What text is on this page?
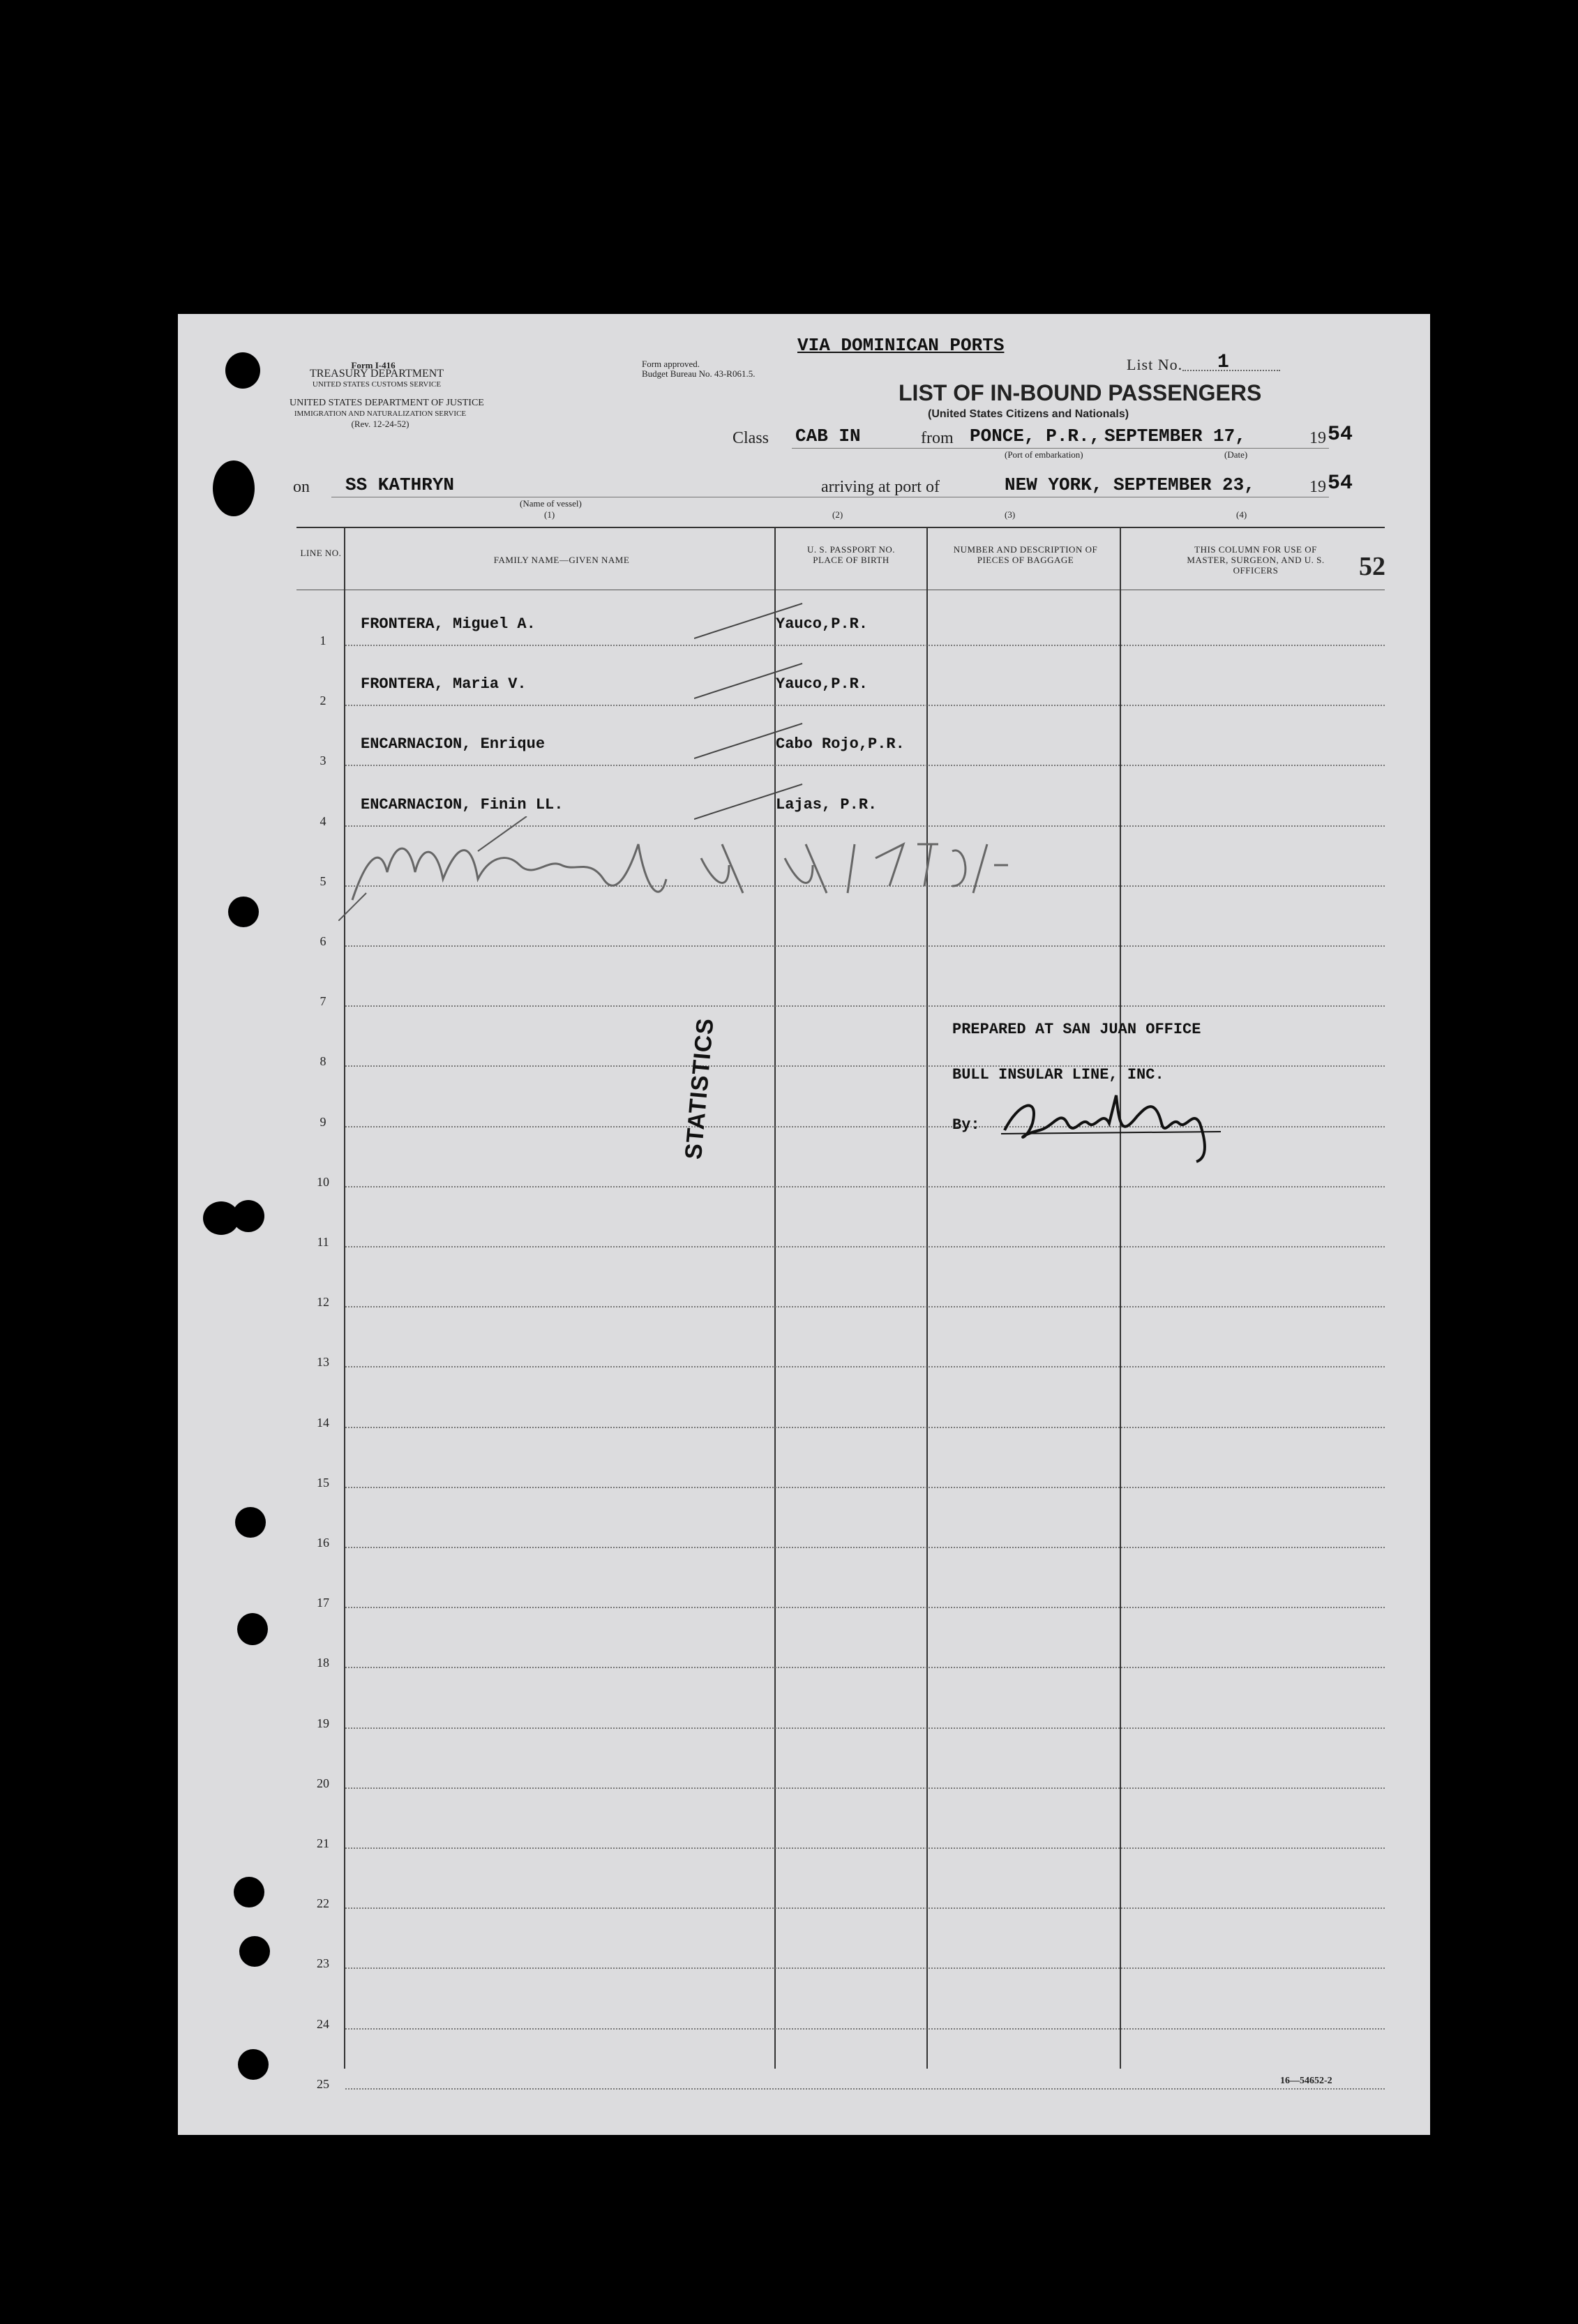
VIA DOMINICAN PORTS
Form I-416
TREASURY DEPARTMENT
UNITED STATES CUSTOMS SERVICE
UNITED STATES DEPARTMENT OF JUSTICE
IMMIGRATION AND NATURALIZATION SERVICE
(Rev. 12-24-52)
Form approved.
Budget Bureau No. 43-R061.5.
List No. 1
LIST OF IN-BOUND PASSENGERS
(United States Citizens and Nationals)
Class CAB IN	from PONCE, P.R., SEPTEMBER 17,	19 54
(Port of embarkation)	(Date)
on SS KATHRYN	arriving at port of	NEW YORK, SEPTEMBER 23,	19 54
(Name of vessel)
(1)	(2)	(3)	(4)
LINE NO.
FAMILY NAME—GIVEN NAME
U. S. PASSPORT NO. PLACE OF BIRTH
NUMBER AND DESCRIPTION OF PIECES OF BAGGAGE
THIS COLUMN FOR USE OF MASTER, SURGEON, AND U. S. OFFICERS	52
1
FRONTERA, Miguel A.	Yauco,P.R.
2
FRONTERA, Maria V.	Yauco,P.R.
3
ENCARNACION, Enrique	Cabo Rojo,P.R.
4
ENCARNACION, Finin LL.	Lajas, P.R.
5
6
7
8
9
10
11
12
13
14
15
16
17
18
19
20
21
22
23
24
25
PREPARED AT SAN JUAN OFFICE
BULL INSULAR LINE, INC.
By:
STATISTICS
16—54652-2
